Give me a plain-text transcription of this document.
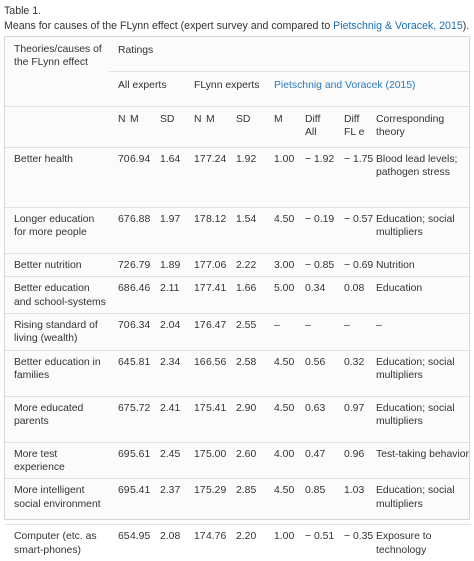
Table 1.
Means for causes of the FLynn effect (expert survey and compared to Pietschnig & Voracek, 2015).
Theories/causes of the FLynn effect	Ratings									
	All experts			FLynn experts			Pietschnig and Voracek (2015)			
	N	M	SD	N	M	SD	M	Diff All	Diff FL e	Corresponding theory
Better health	70	6.94	1.64	17	7.24	1.92	1.00	− 1.92	− 1.75	Blood lead levels; pathogen stress
Longer education for more people	67	6.88	1.97	17	8.12	1.54	4.50	− 0.19	− 0.57	Education; social multipliers
Better nutrition	72	6.79	1.89	17	7.06	2.22	3.00	− 0.85	− 0.69	Nutrition
Better education and school-systems	68	6.46	2.11	17	7.41	1.66	5.00	0.34	0.08	Education
Rising standard of living (wealth)	70	6.34	2.04	17	6.47	2.55	–	–	–	–
Better education in families	64	5.81	2.34	16	6.56	2.58	4.50	0.56	0.32	Education; social multipliers
More educated parents	67	5.72	2.41	17	5.41	2.90	4.50	0.63	0.97	Education; social multipliers
More test experience	69	5.61	2.45	17	5.00	2.60	4.00	0.47	0.96	Test-taking behavior
More intelligent social environment	69	5.41	2.37	17	5.29	2.85	4.50	0.85	1.03	Education; social multipliers
Computer (etc. as smart-phones)	65	4.95	2.08	17	4.76	2.20	1.00	− 0.51	− 0.35	Exposure to technology
